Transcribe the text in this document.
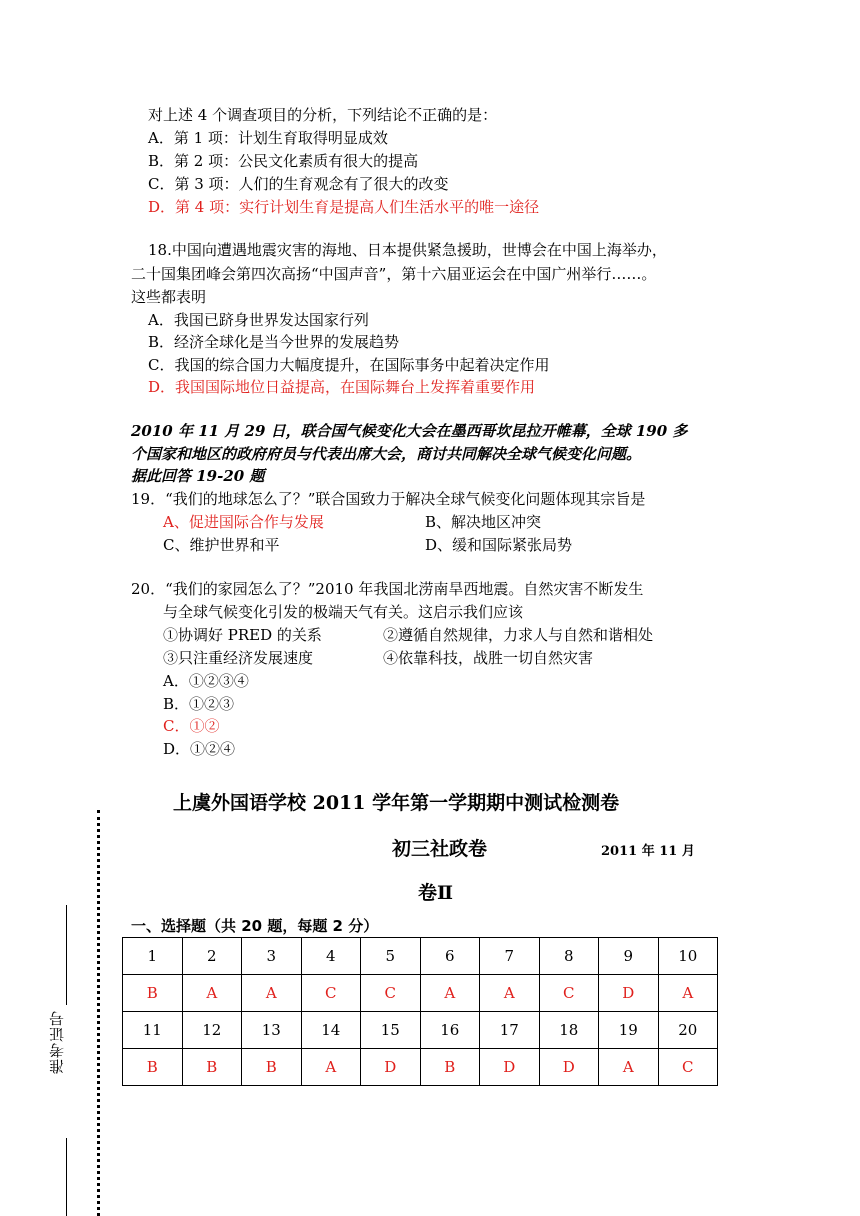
对上述 4 个调查项目的分析，下列结论不正确的是：
A．第 1 项：计划生育取得明显成效
B．第 2 项：公民文化素质有很大的提高
C．第 3 项：人们的生育观念有了很大的改变
D．第 4 项：实行计划生育是提高人们生活水平的唯一途径
18.中国向遭遇地震灾害的海地、日本提供紧急援助，世博会在中国上海举办，
二十国集团峰会第四次高扬“中国声音”，第十六届亚运会在中国广州举行……。
这些都表明
A．我国已跻身世界发达国家行列
B．经济全球化是当今世界的发展趋势
C．我国的综合国力大幅度提升，在国际事务中起着决定作用
D．我国国际地位日益提高，在国际舞台上发挥着重要作用
2010 年 11 月 29 日，联合国气候变化大会在墨西哥坎昆拉开帷幕，全球 190 多
个国家和地区的政府府员与代表出席大会，商讨共同解决全球气候变化问题。
据此回答 19-20 题
19．“我们的地球怎么了？”联合国致力于解决全球气候变化问题体现其宗旨是
A、促进国际合作与发展	B、解决地区冲突
C、维护世界和平	D、缓和国际紧张局势
20．“我们的家园怎么了？”2010 年我国北涝南旱西地震。自然灾害不断发生
与全球气候变化引发的极端天气有关。这启示我们应该
①协调好 PRED 的关系	②遵循自然规律，力求人与自然和谐相处
③只注重经济发展速度	④依靠科技，战胜一切自然灾害
A．①②③④
B．①②③
C．①②
D．①②④
上虞外国语学校 2011 学年第一学期期中测试检测卷
初三社政卷	2011 年 11 月
卷Ⅱ
一、选择题（共 20 题，每题 2 分）
1	2	3	4	5	6	7	8	9	10
B	A	A	C	C	A	A	C	D	A
11	12	13	14	15	16	17	18	19	20
B	B	B	A	D	B	D	D	A	C
准考证号
